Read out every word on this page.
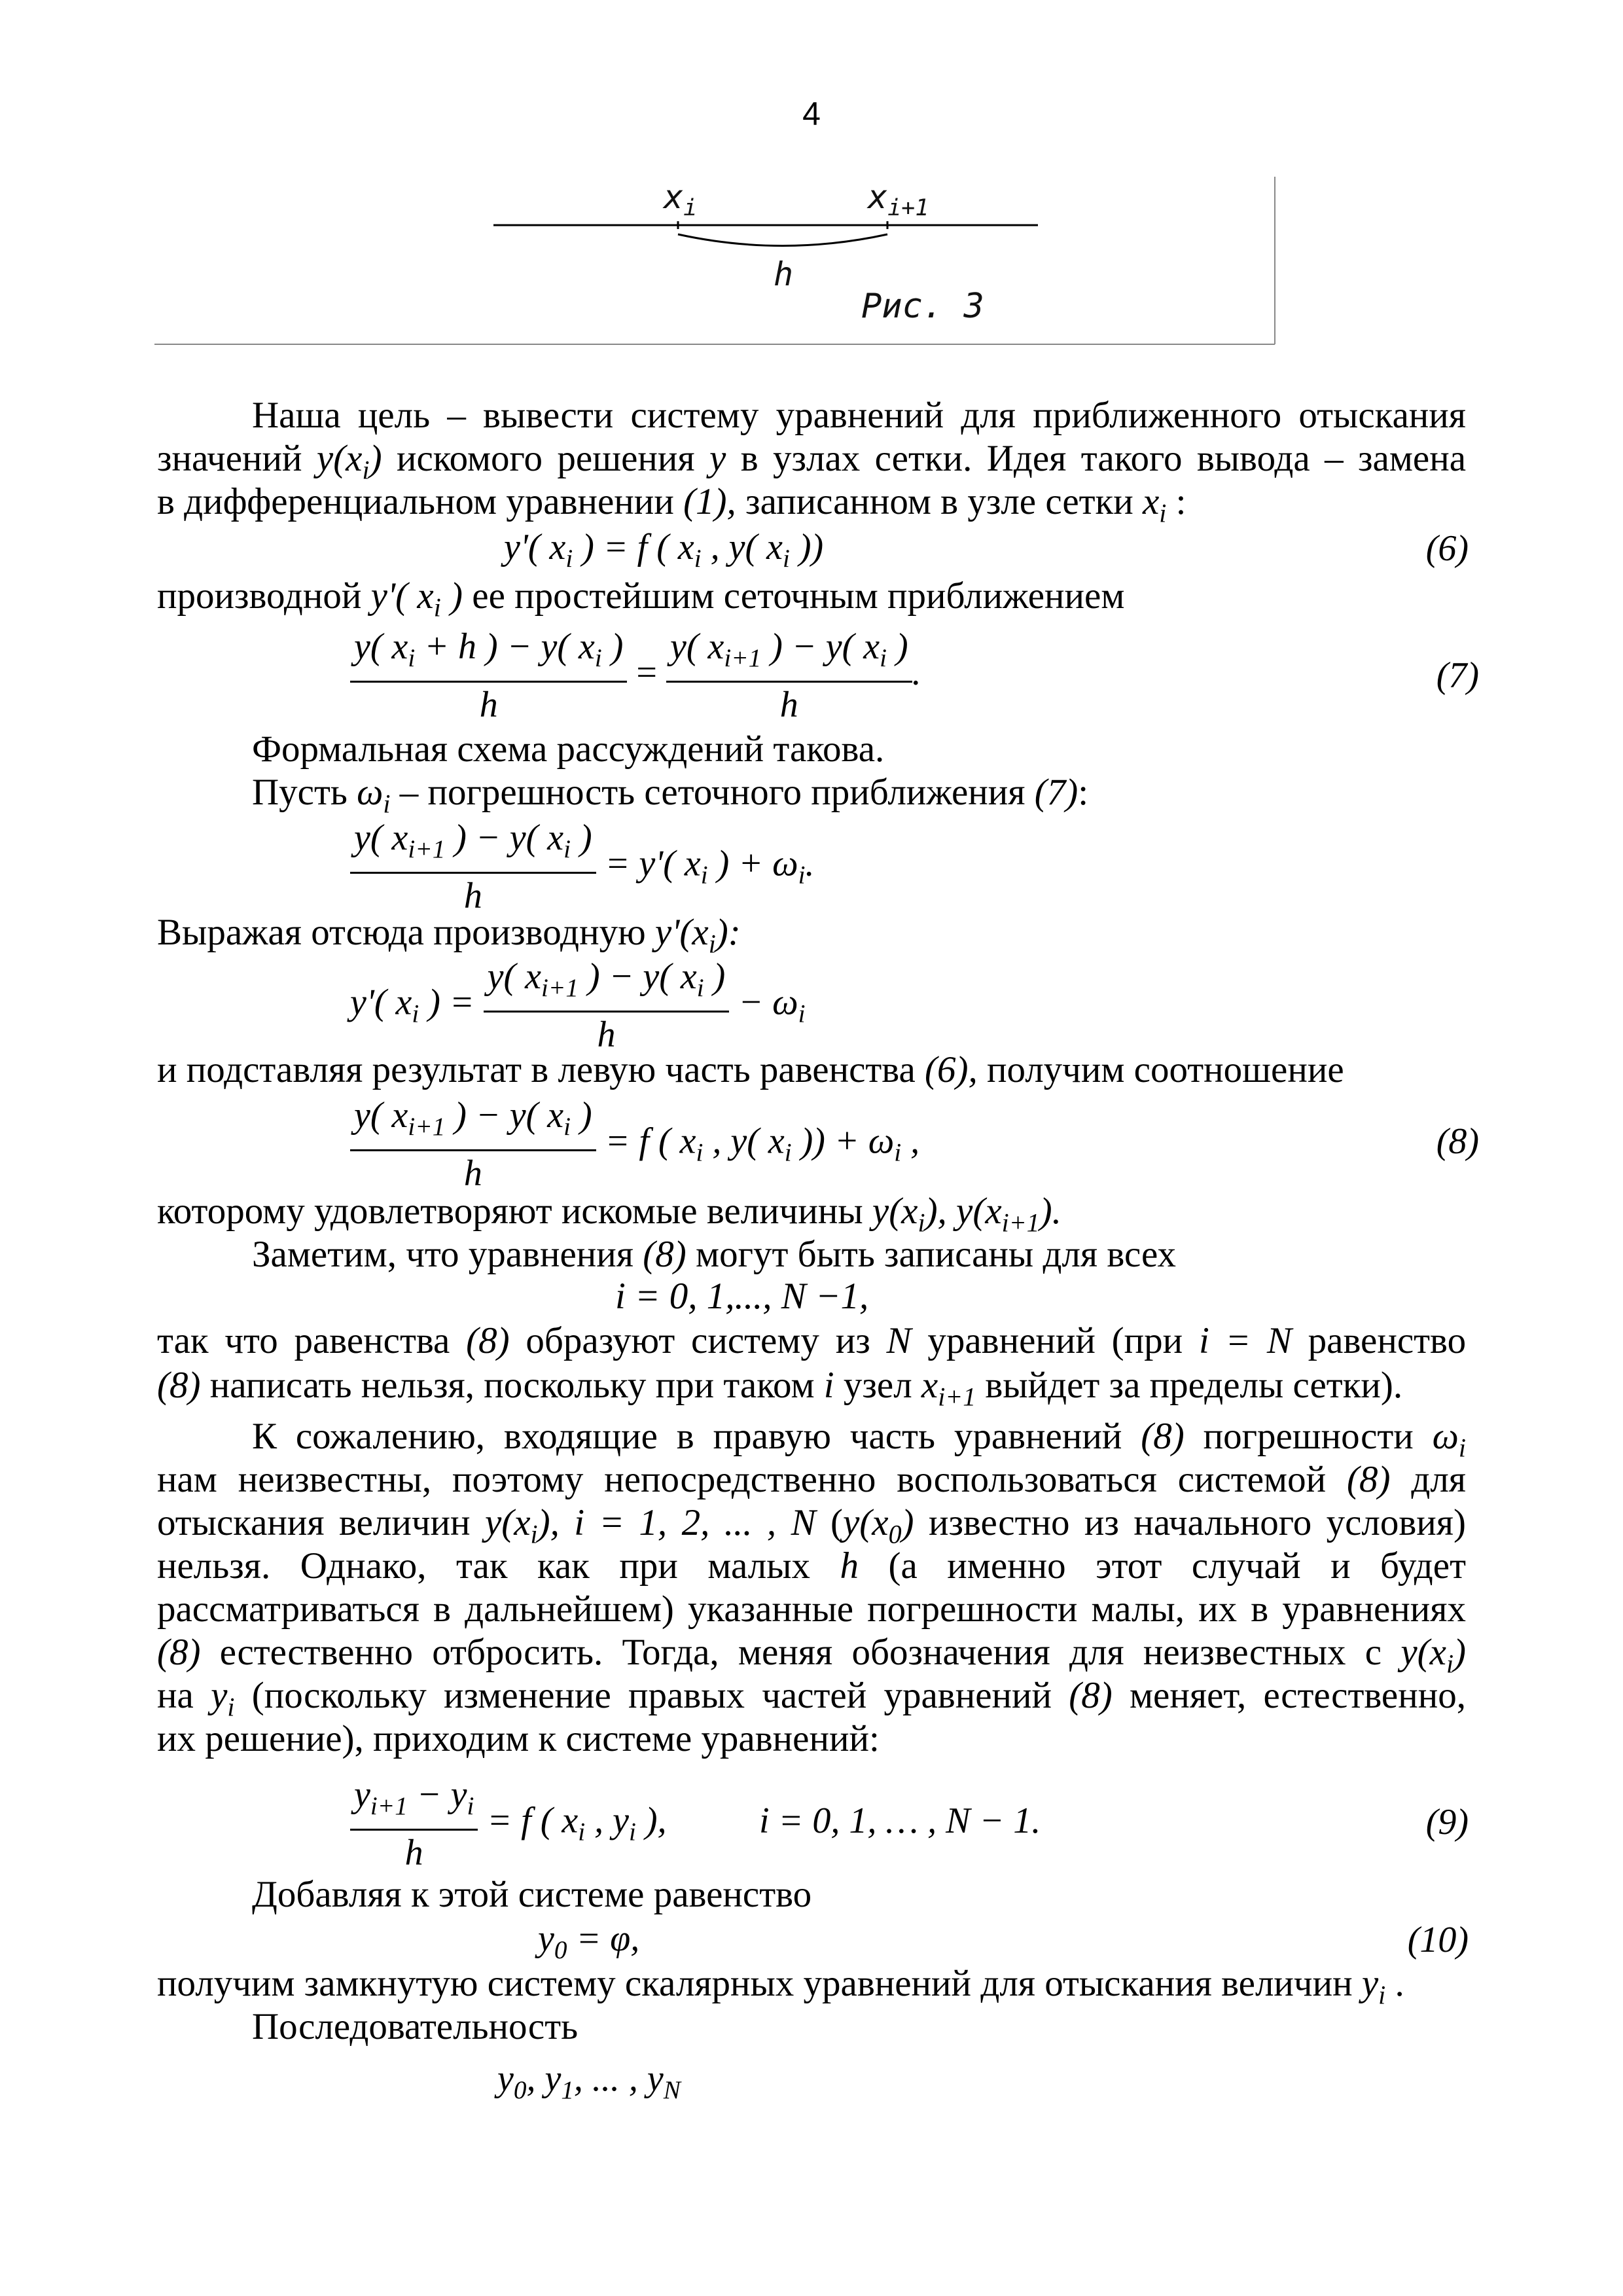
4
$x_i$	$x_{i+1}$
h
Рис. 3
Наша цель – вывести систему уравнений для приближенного отыскания
значений $y(x_i)$ искомого решения y в узлах сетки. Идея такого вывода – замена
в дифференциальном уравнении (1), записанном в узле сетки $x_i$ :
y'( $x_i$ ) = f ( $x_i$ , y( $x_i$ ))	(6)
производной y'( $x_i$ ) ее простейшим сеточным приближением
$\frac{y( x_i + h ) - y( x_i )}{h} = \frac{y( x_{i+1} ) - y( x_i )}{h}$ .	(7)
Формальная схема рассуждений такова.
Пусть $\omega_i$ – погрешность сеточного приближения (7):
$\frac{y( x_{i+1} ) - y( x_i )}{h} = y'$( $x_i$ ) + $\omega_i$.
Выражая отсюда производную $y'(x_i)$:
y'( $x_i$ ) = $\frac{y( x_{i+1} ) - y( x_i )}{h} - \omega_i$
и подставляя результат в левую часть равенства (6), получим соотношение
$\frac{y( x_{i+1} ) - y( x_i )}{h} = f$ ( $x_i$ , y( $x_i$ )) + $\omega_i$ ,	(8)
которому удовлетворяют искомые величины $y(x_i)$, $y(x_{i+1})$.
Заметим, что уравнения (8) могут быть записаны для всех
i = 0, 1,..., N −1,
так что равенства (8) образуют систему из N уравнений (при i = N равенство
(8) написать нельзя, поскольку при таком i узел $x_{i+1}$ выйдет за пределы сетки).
К сожалению, входящие в правую часть уравнений (8) погрешности $\omega_i$
нам неизвестны, поэтому непосредственно воспользоваться системой (8) для
отыскания величин $y(x_i)$, i = 1, 2, ... , N ($y(x_0)$ известно из начального условия)
нельзя. Однако, так как при малых h (а именно этот случай и будет
рассматриваться в дальнейшем) указанные погрешности малы, их в уравнениях
(8) естественно отбросить. Тогда, меняя обозначения для неизвестных с $y(x_i)$
на $y_i$ (поскольку изменение правых частей уравнений (8) меняет, естественно,
их решение), приходим к системе уравнений:
$\frac{y_{i+1} - y_i}{h} = f$ ( $x_i$ , $y_i$ ),	i = 0, 1, … , N − 1.	(9)
Добавляя к этой системе равенство
$y_0 = \varphi$,	(10)
получим замкнутую систему скалярных уравнений для отыскания величин $y_i$ .
Последовательность
$y_0$, $y_1$, ... , $y_N$
